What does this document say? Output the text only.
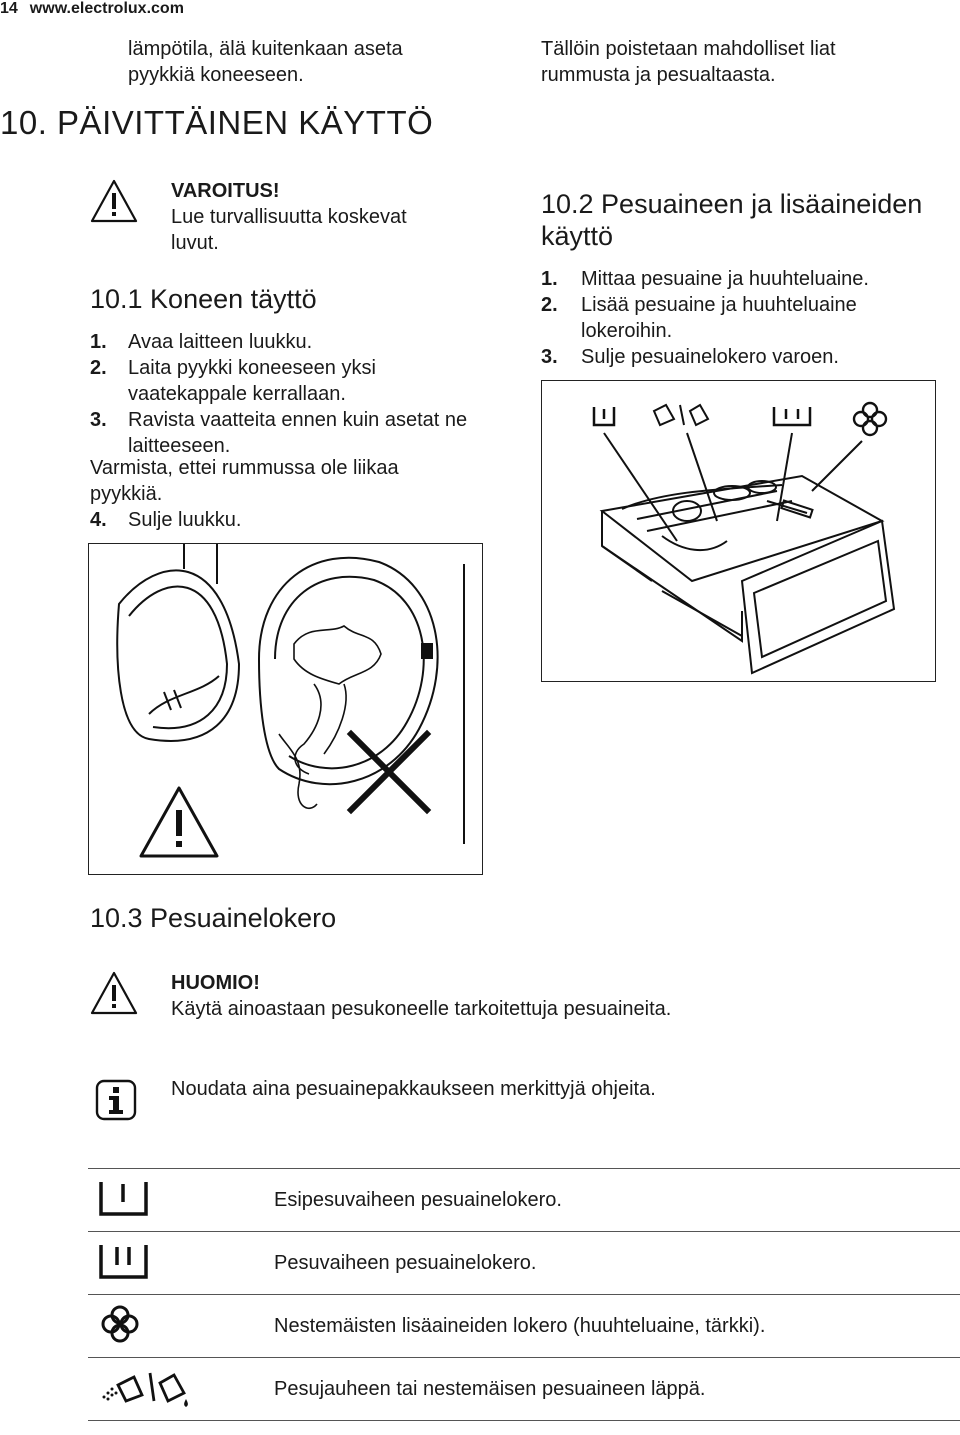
14 www.electrolux.com
lämpötila, älä kuitenkaan aseta
pyykkiä koneeseen.
10. PÄIVITTÄINEN KÄYTTÖ
VAROITUS!
Lue turvallisuutta koskevat
luvut.
10.1 Koneen täyttö
1. Avaa laitteen luukku.
2. Laita pyykki koneeseen yksi vaatekappale kerrallaan.
3. Ravista vaatteita ennen kuin asetat ne laitteeseen.
Varmista, ettei rummussa ole liikaa pyykkiä.
4. Sulje luukku.
Tällöin poistetaan mahdolliset liat
rummusta ja pesualtaasta.
10.2 Pesuaineen ja lisäaineiden
käyttö
1. Mittaa pesuaine ja huuhteluaine.
2. Lisää pesuaine ja huuhteluaine lokeroihin.
3. Sulje pesuainelokero varoen.
10.3 Pesuainelokero
HUOMIO!
Käytä ainoastaan pesukoneelle tarkoitettuja pesuaineita.
Noudata aina pesuainepakkaukseen merkittyjä ohjeita.
	Esipesuvaiheen pesuainelokero.
	Pesuvaiheen pesuainelokero.
	Nestemäisten lisäaineiden lokero (huuhteluaine, tärkki).
	Pesujauheen tai nestemäisen pesuaineen läppä.
